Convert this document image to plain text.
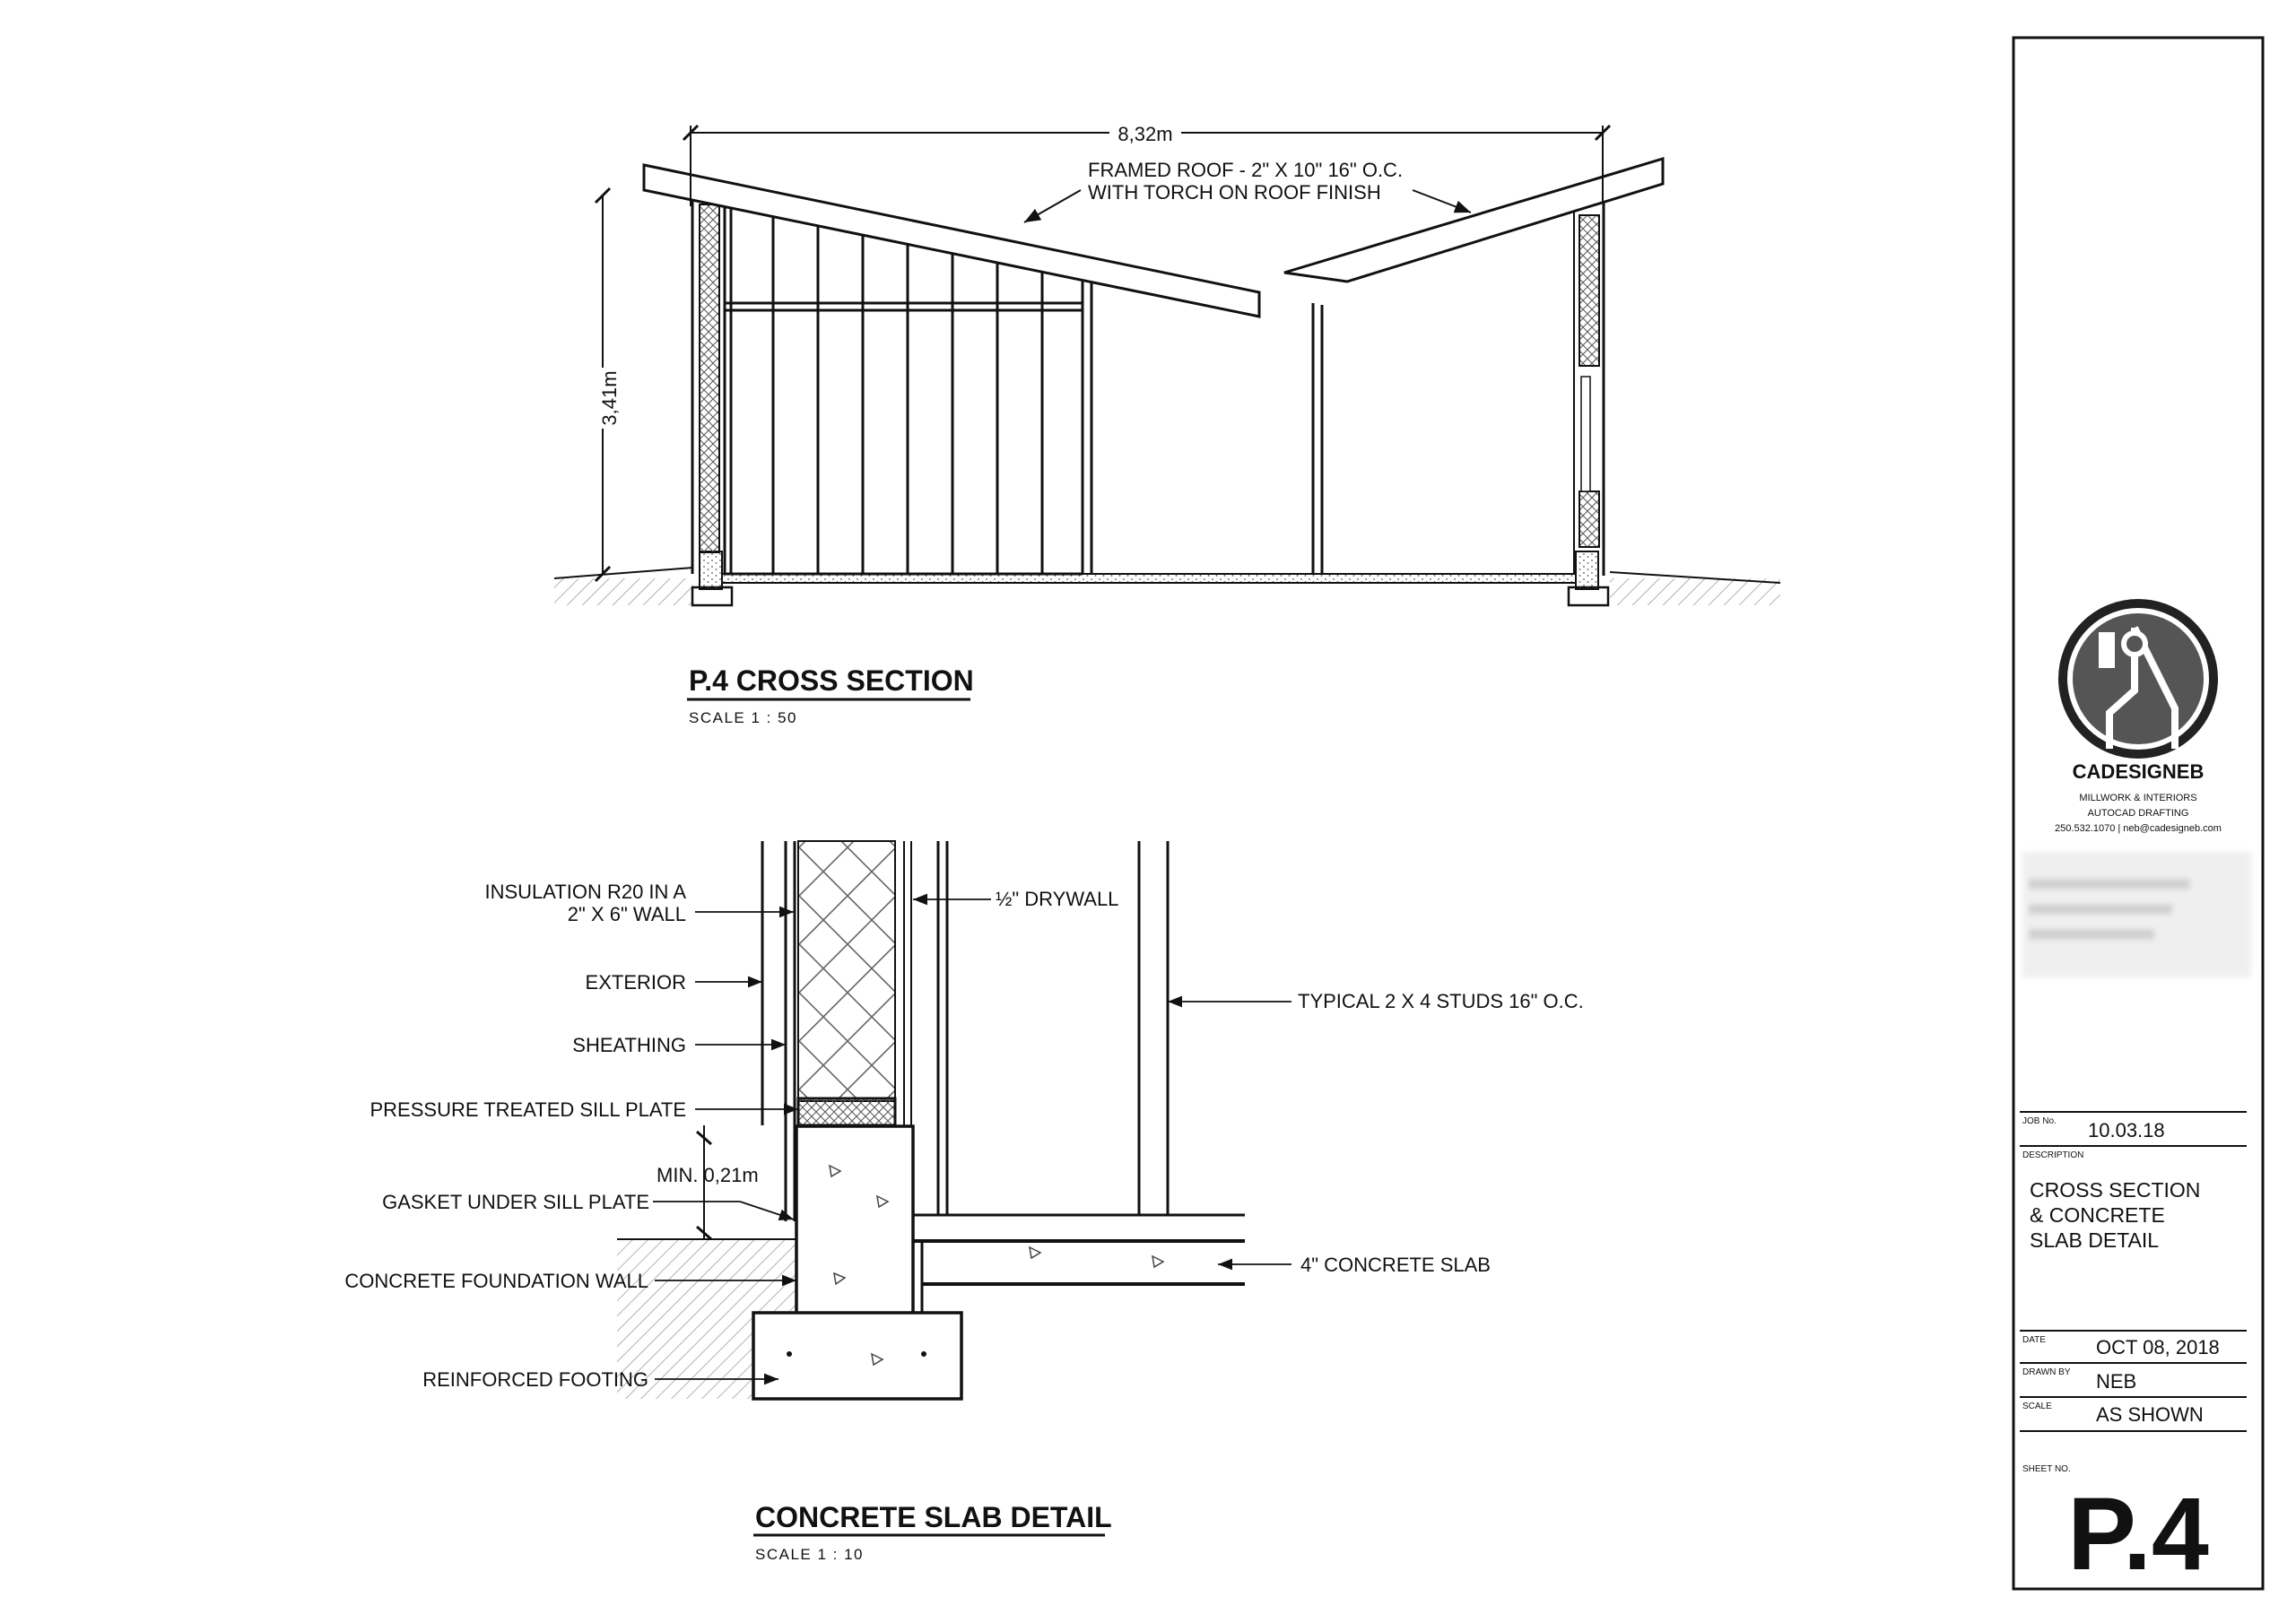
8,32m
3,41m
FRAMED ROOF - 2" X 10" 16" O.C.
WITH TORCH ON ROOF FINISH
P.4 CROSS SECTION
SCALE 1 : 50
INSULATION R20 IN A
2" X 6" WALL
EXTERIOR
SHEATHING
PRESSURE TREATED SILL PLATE
MIN. 0,21m
GASKET UNDER SILL PLATE
CONCRETE FOUNDATION WALL
REINFORCED FOOTING
½" DRYWALL
TYPICAL 2 X 4 STUDS 16" O.C.
4" CONCRETE SLAB
CONCRETE SLAB DETAIL
SCALE 1 : 10
CADESIGNEB
MILLWORK & INTERIORS
AUTOCAD DRAFTING
250.532.1070 | neb@cadesigneb.com
JOB No. 10.03.18
DESCRIPTION
CROSS SECTION
& CONCRETE
SLAB DETAIL
DATE	OCT 08, 2018
DRAWN BY NEB
SCALE AS SHOWN
SHEET NO.
P.4
